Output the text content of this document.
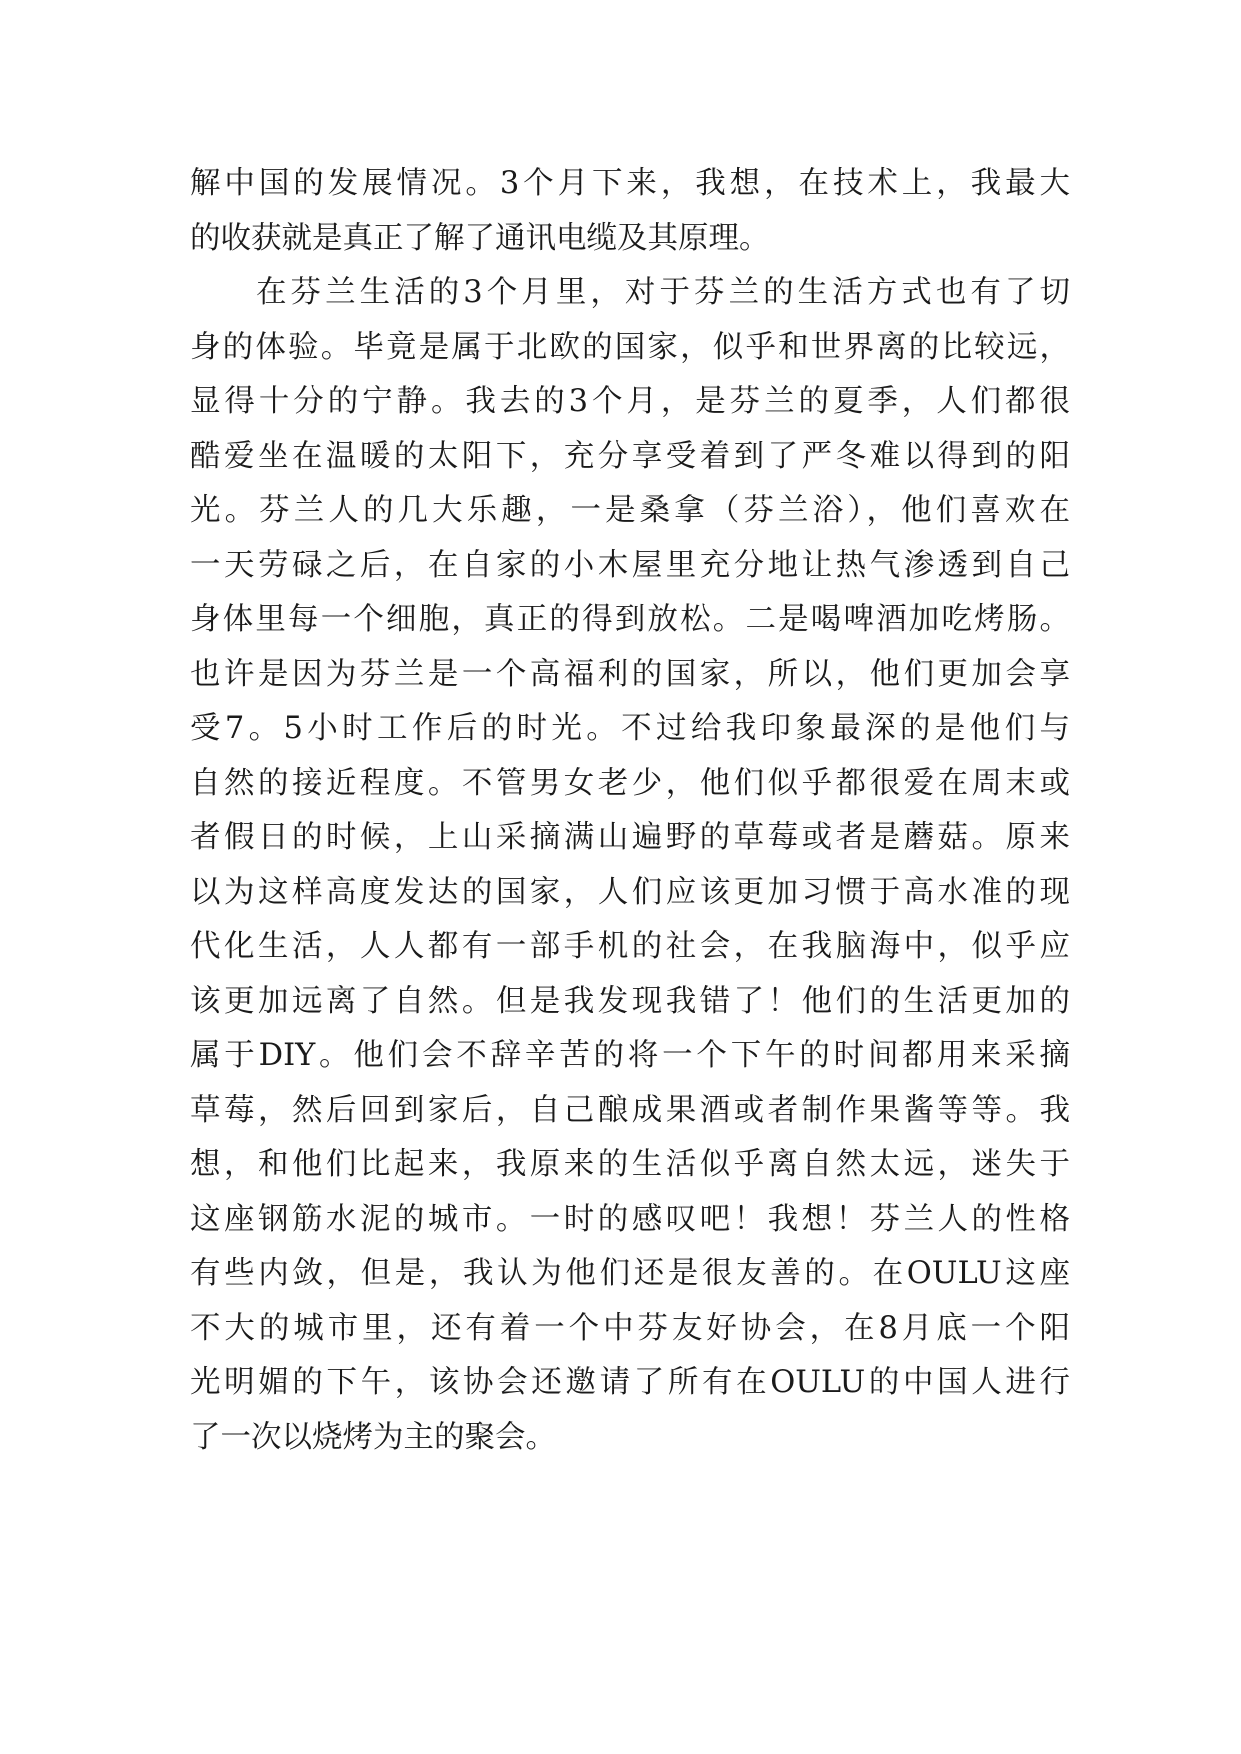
解中国的发展情况。3个月下来，我想，在技术上，我最大
的收获就是真正了解了通讯电缆及其原理。
在芬兰生活的3个月里，对于芬兰的生活方式也有了切
身的体验。毕竟是属于北欧的国家，似乎和世界离的比较远，
显得十分的宁静。我去的3个月，是芬兰的夏季，人们都很
酷爱坐在温暖的太阳下，充分享受着到了严冬难以得到的阳
光。芬兰人的几大乐趣，一是桑拿（芬兰浴），他们喜欢在
一天劳碌之后，在自家的小木屋里充分地让热气渗透到自己
身体里每一个细胞，真正的得到放松。二是喝啤酒加吃烤肠。
也许是因为芬兰是一个高福利的国家，所以，他们更加会享
受7。5小时工作后的时光。不过给我印象最深的是他们与
自然的接近程度。不管男女老少，他们似乎都很爱在周末或
者假日的时候，上山采摘满山遍野的草莓或者是蘑菇。原来
以为这样高度发达的国家，人们应该更加习惯于高水准的现
代化生活，人人都有一部手机的社会，在我脑海中，似乎应
该更加远离了自然。但是我发现我错了！他们的生活更加的
属于DIY。他们会不辞辛苦的将一个下午的时间都用来采摘
草莓，然后回到家后，自己酿成果酒或者制作果酱等等。我
想，和他们比起来，我原来的生活似乎离自然太远，迷失于
这座钢筋水泥的城市。一时的感叹吧！我想！芬兰人的性格
有些内敛，但是，我认为他们还是很友善的。在OULU这座
不大的城市里，还有着一个中芬友好协会，在8月底一个阳
光明媚的下午，该协会还邀请了所有在OULU的中国人进行
了一次以烧烤为主的聚会。
